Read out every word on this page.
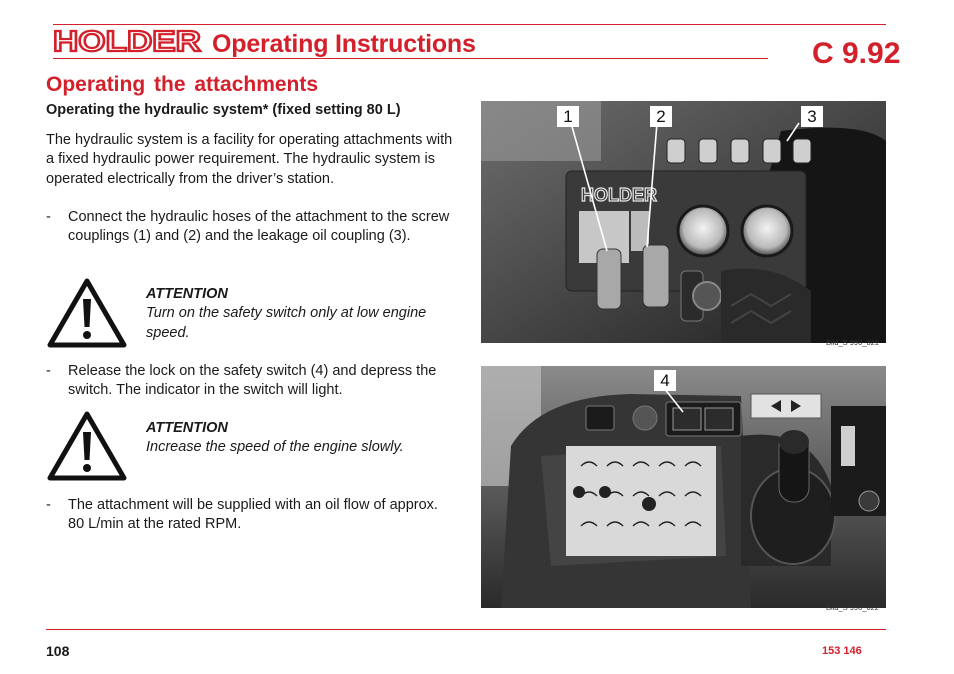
HOLDER Operating Instructions	C 9.92
Operating the attachments
Operating the hydraulic system* (fixed setting 80 L)
The hydraulic system is a facility for operating attachments with a fixed hydraulic power requirement. The hydraulic system is operated electrically from the driver’s station.
- Connect the hydraulic hoses of the attachment to the screw couplings (1) and (2) and the leakage oil coupling (3).
ATTENTION
Turn on the safety switch only at low engine speed.
- Release the lock on the safety switch (4) and depress the switch. The indicator in the switch will light.
ATTENTION
Increase the speed of the engine slowly.
- The attachment will be supplied with an oil flow of approx. 80 L/min at the rated RPM.
HOLDER
1	2	3
Bild_S 990_021
4
Bild_S 990_022
108	153 146
